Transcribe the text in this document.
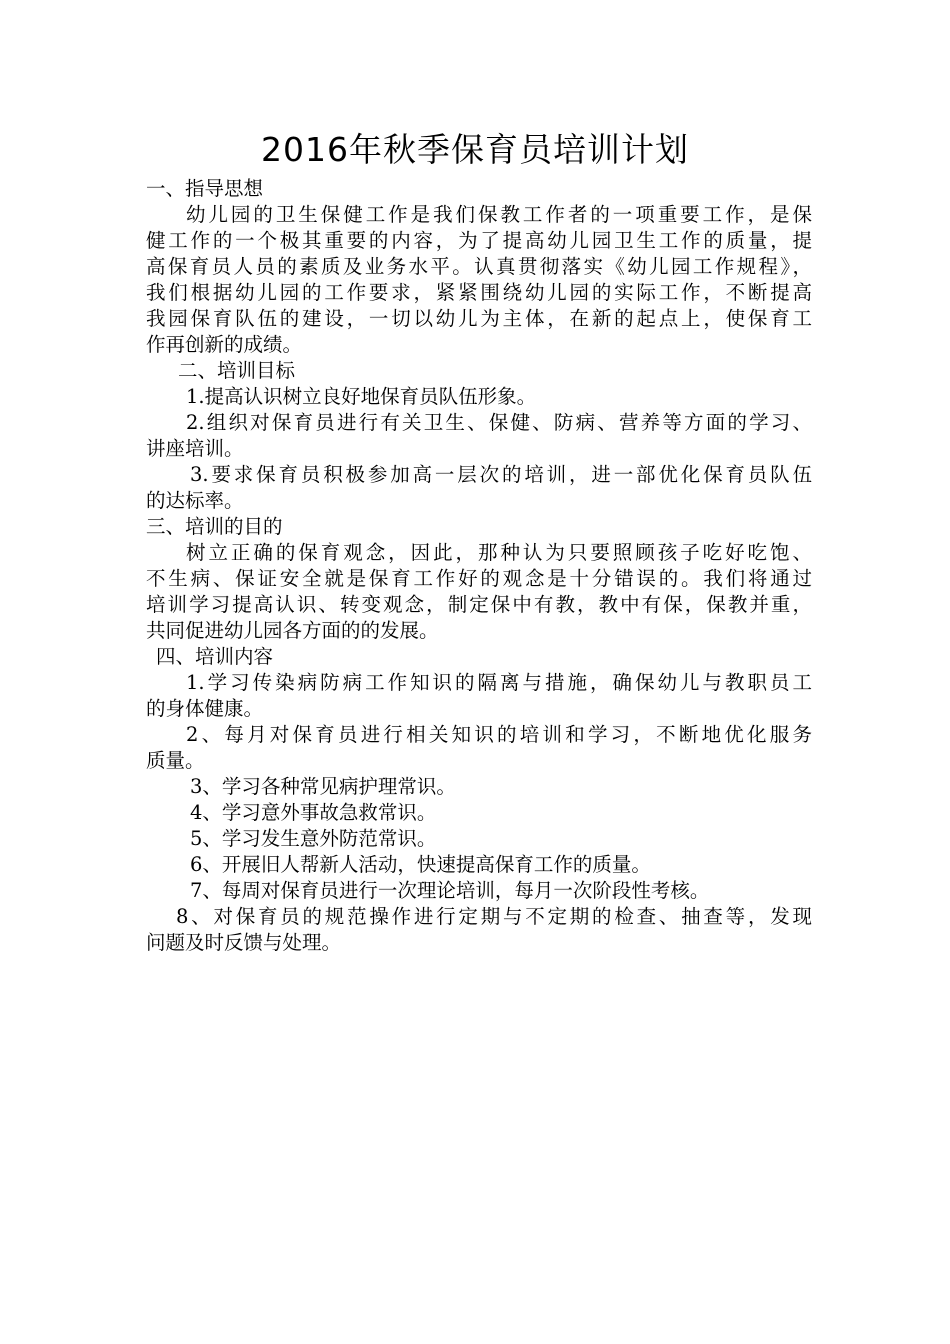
2016年秋季保育员培训计划
一、指导思想
幼儿园的卫生保健工作是我们保教工作者的一项重要工作，是保
健工作的一个极其重要的内容，为了提高幼儿园卫生工作的质量，提
高保育员人员的素质及业务水平。认真贯彻落实《幼儿园工作规程》，
我们根据幼儿园的工作要求，紧紧围绕幼儿园的实际工作，不断提高
我园保育队伍的建设，一切以幼儿为主体，在新的起点上，使保育工
作再创新的成绩。
二、培训目标
1.提高认识树立良好地保育员队伍形象。
2.组织对保育员进行有关卫生、保健、防病、营养等方面的学习、
讲座培训。
3.要求保育员积极参加高一层次的培训，进一部优化保育员队伍
的达标率。
三、培训的目的
树立正确的保育观念，因此，那种认为只要照顾孩子吃好吃饱、
不生病、保证安全就是保育工作好的观念是十分错误的。我们将通过
培训学习提高认识、转变观念，制定保中有教，教中有保，保教并重，
共同促进幼儿园各方面的的发展。
四、培训内容
1.学习传染病防病工作知识的隔离与措施，确保幼儿与教职员工
的身体健康。
2、每月对保育员进行相关知识的培训和学习，不断地优化服务
质量。
3、学习各种常见病护理常识。
4、学习意外事故急救常识。
5、学习发生意外防范常识。
6、开展旧人帮新人活动，快速提高保育工作的质量。
7、每周对保育员进行一次理论培训，每月一次阶段性考核。
8、对保育员的规范操作进行定期与不定期的检查、抽查等，发现
问题及时反馈与处理。
